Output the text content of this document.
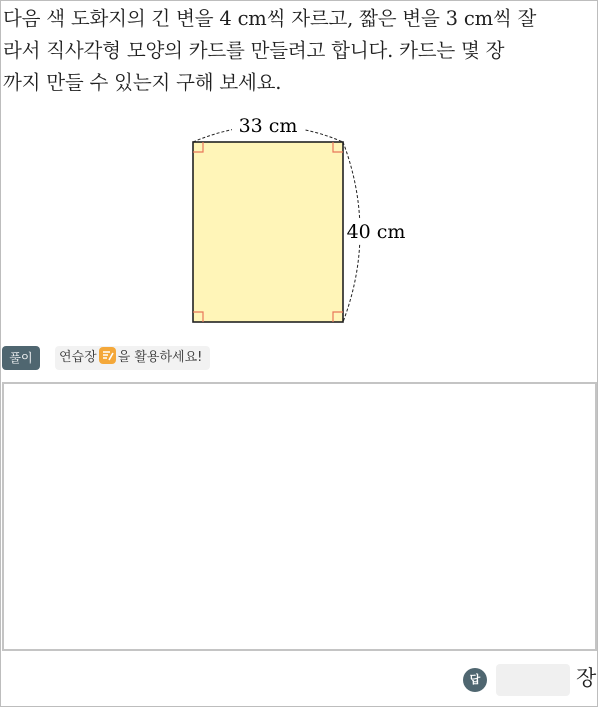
다음 색 도화지의 긴 변을 4 cm씩 자르고, 짧은 변을 3 cm씩 잘
라서 직사각형 모양의 카드를 만들려고 합니다. 카드는 몇 장
까지 만들 수 있는지 구해 보세요.
33 cm
40 cm
풀이	연습장 을 활용하세요!
답	장
